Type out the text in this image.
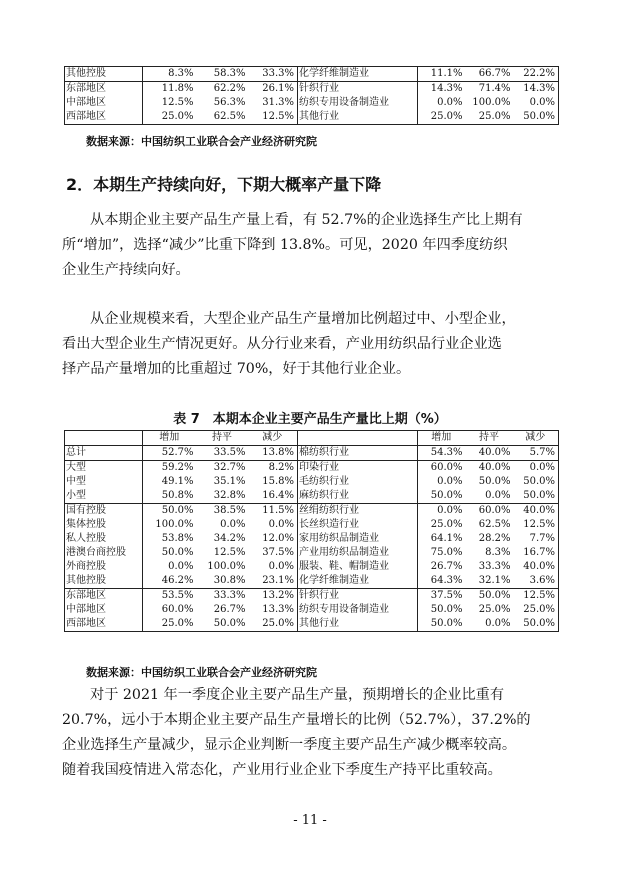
其他控股	8.3%	58.3%	33.3%	化学纤维制造业	11.1%	66.7%	22.2%
东部地区	11.8%	62.2%	26.1%	针织行业	14.3%	71.4%	14.3%
中部地区	12.5%	56.3%	31.3%	纺织专用设备制造业	0.0%	100.0%	0.0%
西部地区	25.0%	62.5%	12.5%	其他行业	25.0%	25.0%	50.0%
数据来源：中国纺织工业联合会产业经济研究院
2．本期生产持续向好，下期大概率产量下降
从本期企业主要产品生产量上看，有 52.7%的企业选择生产比上期有
所“增加”，选择“减少”比重下降到 13.8%。可见，2020 年四季度纺织
企业生产持续向好。
从企业规模来看，大型企业产品生产量增加比例超过中、小型企业，
看出大型企业生产情况更好。从分行业来看，产业用纺织品行业企业选
择产品产量增加的比重超过 70%，好于其他行业企业。
表 7　本期本企业主要产品生产量比上期（%）
	增加	持平	减少		增加	持平	减少
总计	52.7%	33.5%	13.8%	棉纺织行业	54.3%	40.0%	5.7%
大型	59.2%	32.7%	8.2%	印染行业	60.0%	40.0%	0.0%
中型	49.1%	35.1%	15.8%	毛纺织行业	0.0%	50.0%	50.0%
小型	50.8%	32.8%	16.4%	麻纺织行业	50.0%	0.0%	50.0%
国有控股	50.0%	38.5%	11.5%	丝绢纺织行业	0.0%	60.0%	40.0%
集体控股	100.0%	0.0%	0.0%	长丝织造行业	25.0%	62.5%	12.5%
私人控股	53.8%	34.2%	12.0%	家用纺织品制造业	64.1%	28.2%	7.7%
港澳台商控股	50.0%	12.5%	37.5%	产业用纺织品制造业	75.0%	8.3%	16.7%
外商控股	0.0%	100.0%	0.0%	服装、鞋、帽制造业	26.7%	33.3%	40.0%
其他控股	46.2%	30.8%	23.1%	化学纤维制造业	64.3%	32.1%	3.6%
东部地区	53.5%	33.3%	13.2%	针织行业	37.5%	50.0%	12.5%
中部地区	60.0%	26.7%	13.3%	纺织专用设备制造业	50.0%	25.0%	25.0%
西部地区	25.0%	50.0%	25.0%	其他行业	50.0%	0.0%	50.0%
数据来源：中国纺织工业联合会产业经济研究院
对于 2021 年一季度企业主要产品生产量，预期增长的企业比重有
20.7%，远小于本期企业主要产品生产量增长的比例（52.7%），37.2%的
企业选择生产量减少，显示企业判断一季度主要产品生产减少概率较高。
随着我国疫情进入常态化，产业用行业企业下季度生产持平比重较高。
- 11 -
